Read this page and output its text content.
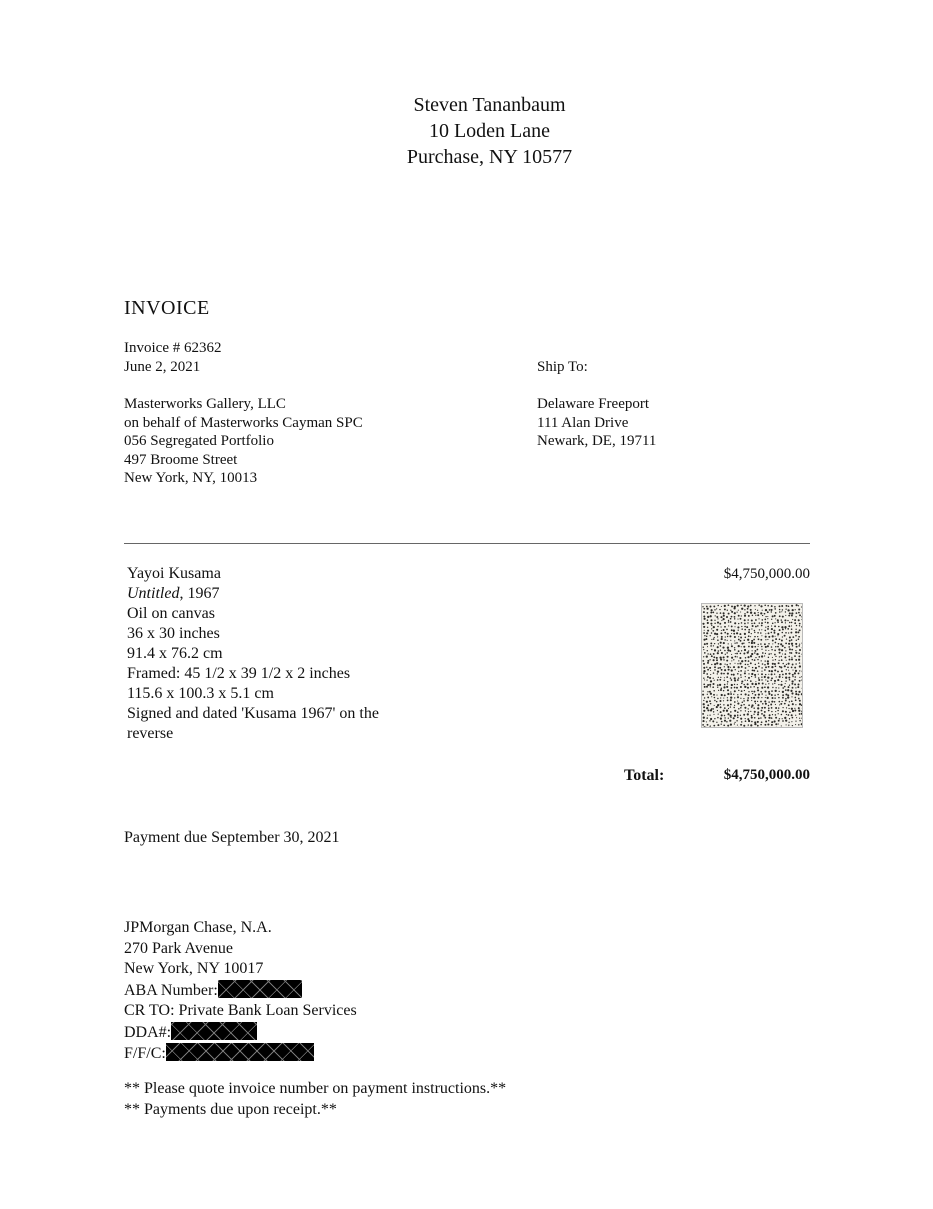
Steven Tananbaum
10 Loden Lane
Purchase, NY 10577
INVOICE
Invoice # 62362
June 2, 2021
Masterworks Gallery, LLC
on behalf of Masterworks Cayman SPC
056 Segregated Portfolio
497 Broome Street
New York, NY, 10013
Ship To:
Delaware Freeport
111 Alan Drive
Newark, DE, 19711
Yayoi Kusama
Untitled, 1967
Oil on canvas
36 x 30 inches
91.4 x 76.2 cm
Framed: 45 1/2 x 39 1/2 x 2 inches
115.6 x 100.3 x 5.1 cm
Signed and dated 'Kusama 1967' on the reverse
$4,750,000.00
Total:	$4,750,000.00
Payment due September 30, 2021
JPMorgan Chase, N.A.
270 Park Avenue
New York, NY 10017
ABA Number:
CR TO: Private Bank Loan Services
DDA#:
F/F/C:
** Please quote invoice number on payment instructions.**
** Payments due upon receipt.**
